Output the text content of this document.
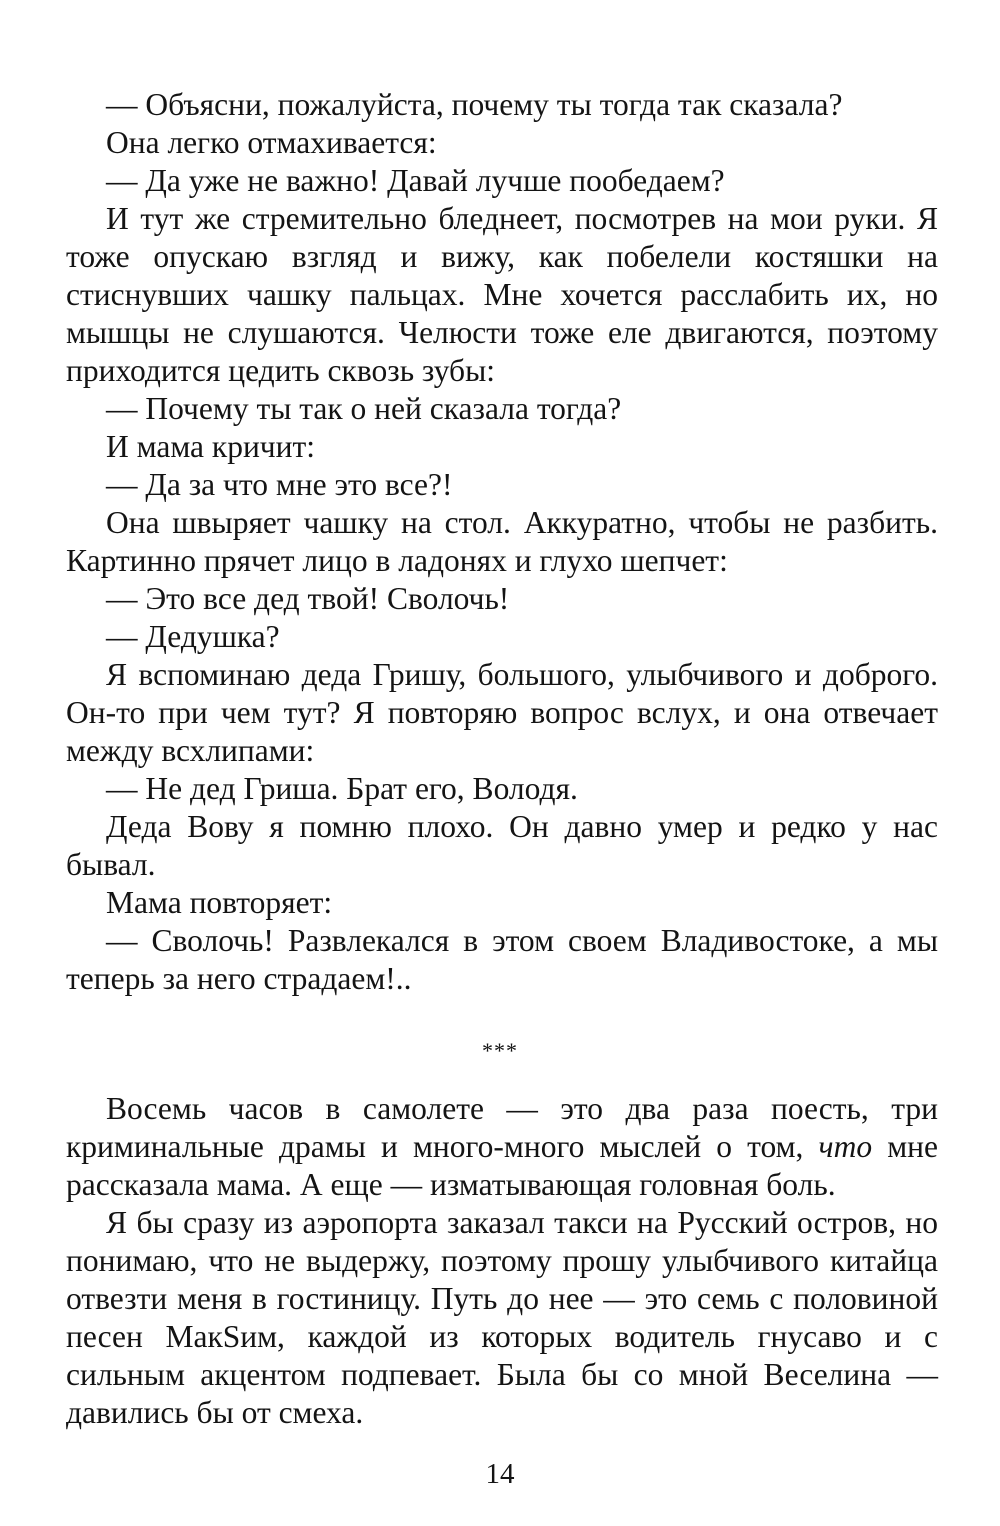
— Объясни, пожалуйста, почему ты тогда так сказала?

Она легко отмахивается:

— Да уже не важно! Давай лучше пообедаем?

И тут же стремительно бледнеет, посмотрев на мои руки. Я тоже опускаю взгляд и вижу, как побелели костяшки на стиснувших чашку пальцах. Мне хочется расслабить их, но мышцы не слушаются. Челюсти тоже еле двигаются, поэтому приходится цедить сквозь зубы:

— Почему ты так о ней сказала тогда?

И мама кричит:

— Да за что мне это все?!

Она швыряет чашку на стол. Аккуратно, чтобы не разбить. Картинно прячет лицо в ладонях и глухо шепчет:

— Это все дед твой! Сволочь!

— Дедушка?

Я вспоминаю деда Гришу, большого, улыбчивого и доброго. Он-то при чем тут? Я повторяю вопрос вслух, и она отвечает между всхлипами:

— Не дед Гриша. Брат его, Володя.

Деда Вову я помню плохо. Он давно умер и редко у нас бывал.

Мама повторяет:

— Сволочь! Развлекался в этом своем Владивостоке, а мы теперь за него страдаем!..

***

Восемь часов в самолете — это два раза поесть, три криминальные драмы и много-много мыслей о том, что мне рассказала мама. А еще — изматывающая головная боль.

Я бы сразу из аэропорта заказал такси на Русский остров, но понимаю, что не выдержу, поэтому прошу улыбчивого китайца отвезти меня в гостиницу. Путь до нее — это семь с половиной песен МакSим, каждой из которых водитель гнусаво и с сильным акцентом подпевает. Была бы со мной Веселина — давились бы от смеха.

14
